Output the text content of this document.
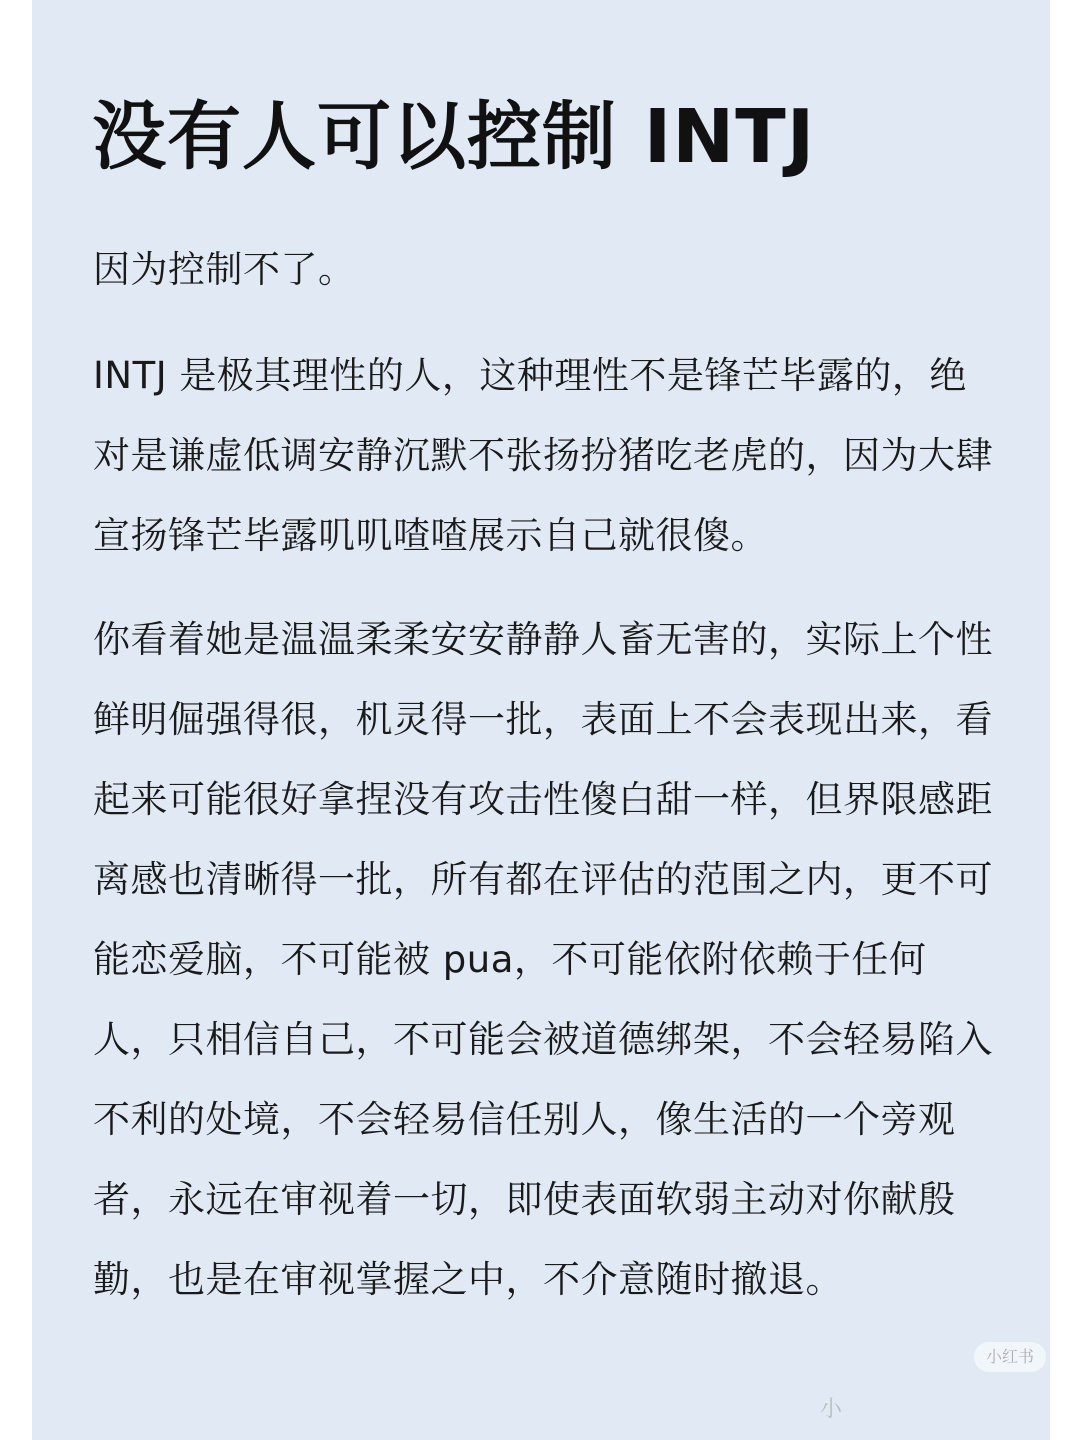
没有人可以控制 INTJ

因为控制不了。

INTJ 是极其理性的人，这种理性不是锋芒毕露的，绝对是谦虚低调安静沉默不张扬扮猪吃老虎的，因为大肆宣扬锋芒毕露叽叽喳喳展示自己就很傻。

你看着她是温温柔柔安安静静人畜无害的，实际上个性鲜明倔强得很，机灵得一批，表面上不会表现出来，看起来可能很好拿捏没有攻击性傻白甜一样，但界限感距离感也清晰得一批，所有都在评估的范围之内，更不可能恋爱脑，不可能被 pua，不可能依附依赖于任何人，只相信自己，不可能会被道德绑架，不会轻易陷入不利的处境，不会轻易信任别人，像生活的一个旁观者，永远在审视着一切，即使表面软弱主动对你献殷勤，也是在审视掌握之中，不介意随时撤退。

小红书
小
